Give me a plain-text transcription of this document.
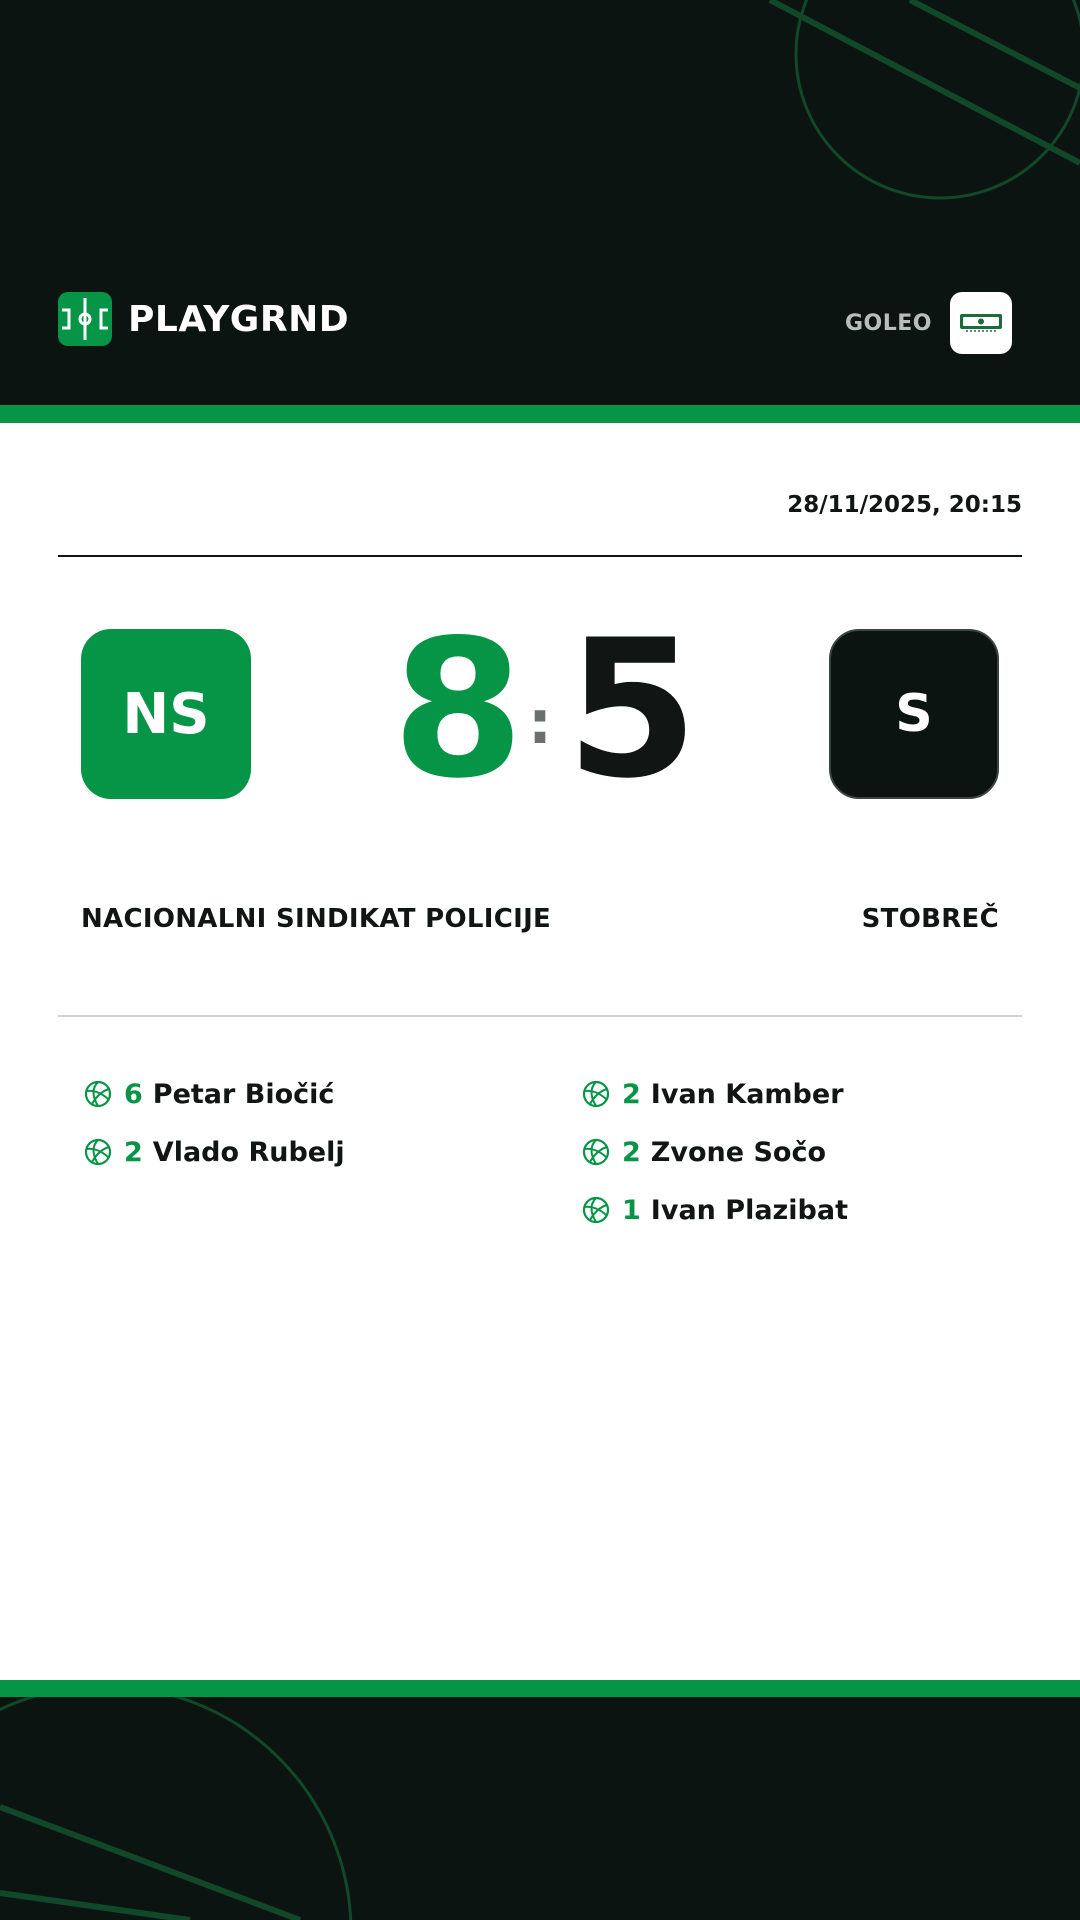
PLAYGRND	GOLEO
28/11/2025, 20:15
NS 8 : 5	S
NACIONALNI SINDIKAT POLICIJE	STOBREČ
6 Petar Biočić
2 Vlado Rubelj
2 Ivan Kamber
2 Zvone Sočo
1 Ivan Plazibat
